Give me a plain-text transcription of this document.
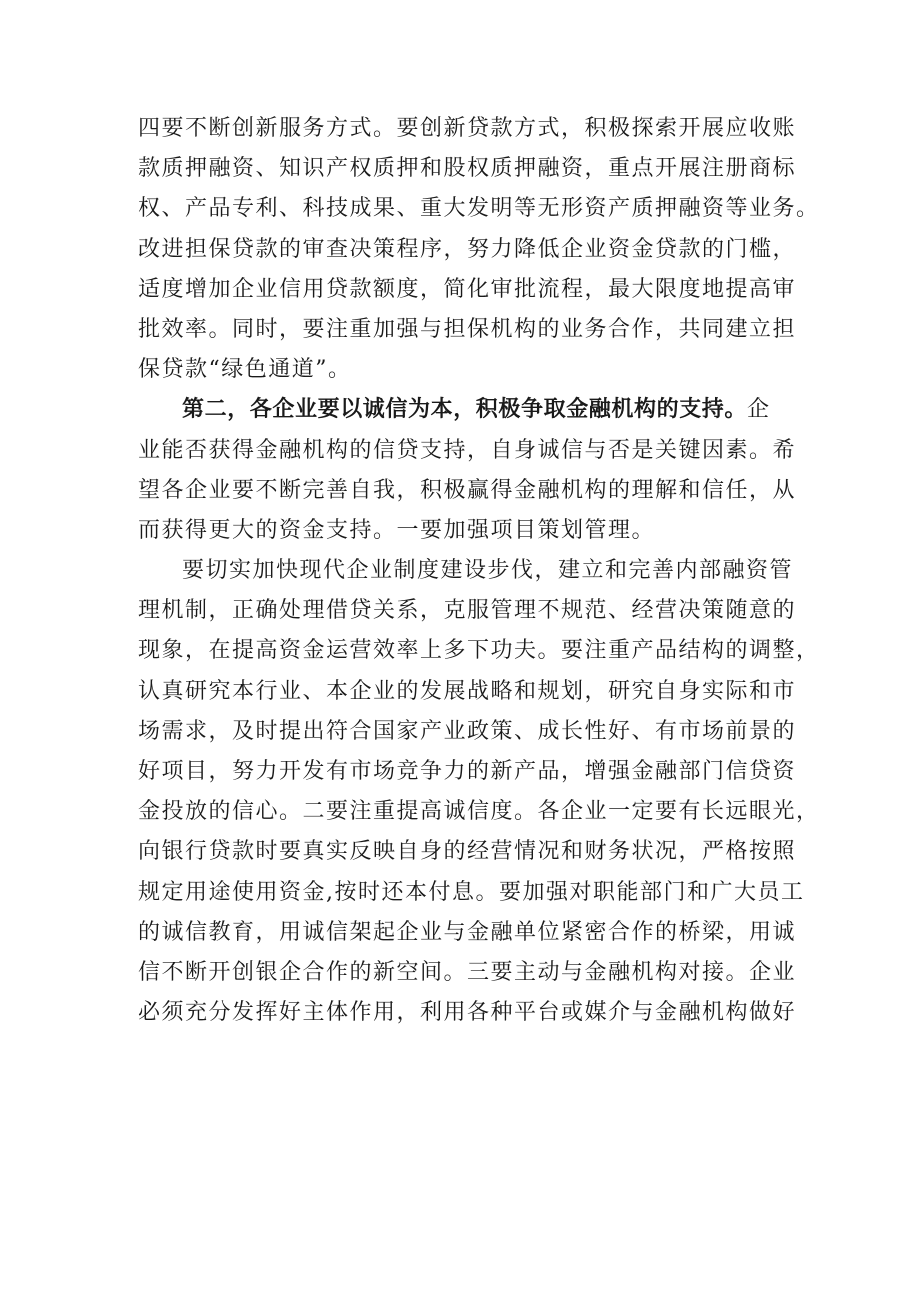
四要不断创新服务方式。要创新贷款方式，积极探索开展应收账
款质押融资、知识产权质押和股权质押融资，重点开展注册商标
权、产品专利、科技成果、重大发明等无形资产质押融资等业务。
改进担保贷款的审查决策程序，努力降低企业资金贷款的门槛，
适度增加企业信用贷款额度，简化审批流程，最大限度地提高审
批效率。同时，要注重加强与担保机构的业务合作，共同建立担
保贷款“绿色通道”。
第二，各企业要以诚信为本，积极争取金融机构的支持。企
业能否获得金融机构的信贷支持，自身诚信与否是关键因素。希
望各企业要不断完善自我，积极赢得金融机构的理解和信任，从
而获得更大的资金支持。一要加强项目策划管理。
要切实加快现代企业制度建设步伐，建立和完善内部融资管
理机制，正确处理借贷关系，克服管理不规范、经营决策随意的
现象，在提高资金运营效率上多下功夫。要注重产品结构的调整，
认真研究本行业、本企业的发展战略和规划，研究自身实际和市
场需求，及时提出符合国家产业政策、成长性好、有市场前景的
好项目，努力开发有市场竞争力的新产品，增强金融部门信贷资
金投放的信心。二要注重提高诚信度。各企业一定要有长远眼光，
向银行贷款时要真实反映自身的经营情况和财务状况，严格按照
规定用途使用资金,按时还本付息。要加强对职能部门和广大员工
的诚信教育，用诚信架起企业与金融单位紧密合作的桥梁，用诚
信不断开创银企合作的新空间。三要主动与金融机构对接。企业
必须充分发挥好主体作用，利用各种平台或媒介与金融机构做好
